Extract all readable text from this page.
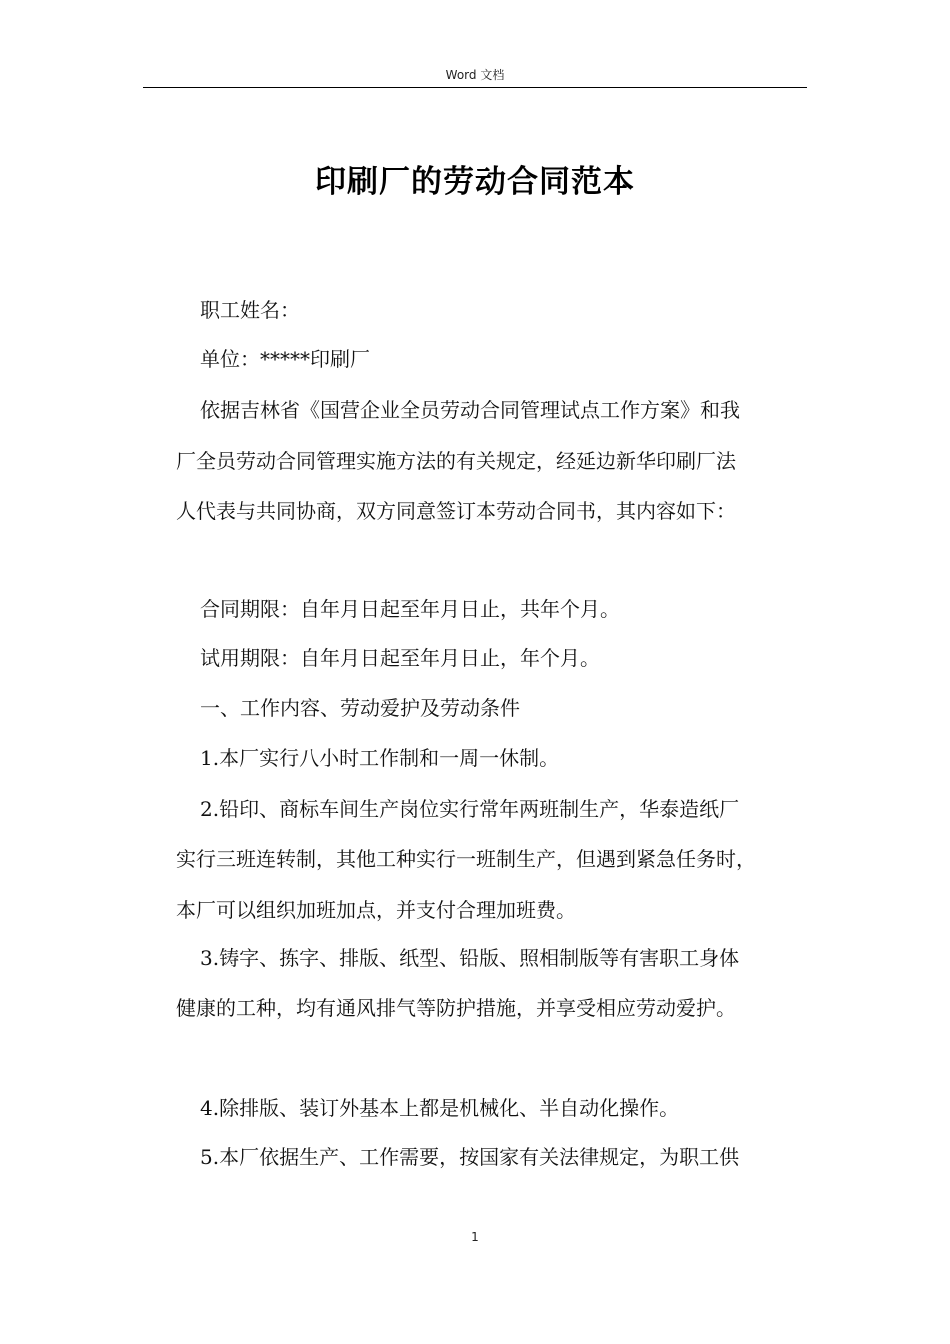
Word 文档
印刷厂的劳动合同范本
职工姓名：
单位：*****印刷厂
依据吉林省《国营企业全员劳动合同管理试点工作方案》和我
厂全员劳动合同管理实施方法的有关规定，经延边新华印刷厂法
人代表与共同协商，双方同意签订本劳动合同书，其内容如下：
合同期限：自年月日起至年月日止，共年个月。
试用期限：自年月日起至年月日止，年个月。
一、工作内容、劳动爱护及劳动条件
1.本厂实行八小时工作制和一周一休制。
2.铅印、商标车间生产岗位实行常年两班制生产，华泰造纸厂
实行三班连转制，其他工种实行一班制生产，但遇到紧急任务时，
本厂可以组织加班加点，并支付合理加班费。
3.铸字、拣字、排版、纸型、铅版、照相制版等有害职工身体
健康的工种，均有通风排气等防护措施，并享受相应劳动爱护。
4.除排版、装订外基本上都是机械化、半自动化操作。
5.本厂依据生产、工作需要，按国家有关法律规定，为职工供
1
